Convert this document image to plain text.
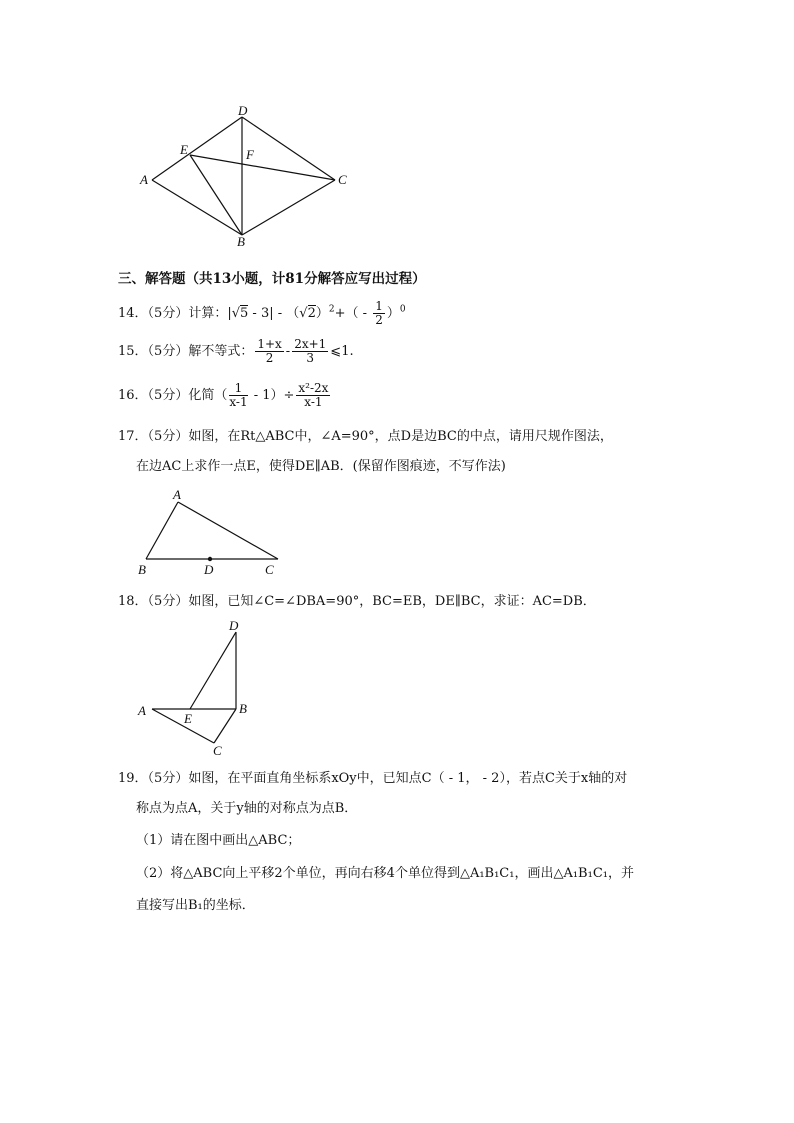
A
D
E	F
C
B
三、解答题（共13小题，计81分解答应写出过程）
14．（5分）计算：$|√5 - 3| - (√2)^2+( - \frac{1}{2} )^0$
15．（5分）解不等式： $\frac{1+x}{2} - \frac{2x+1}{3}$ ⩽1.
16．（5分）化简（ $\frac{1}{x-1} - 1)\div \frac{\text{x²-2x}}{x-1}$
17．（5分）如图，在Rt△ABC中，∠A=90°，点D是边BC的中点，请用尺规作图法，
在边AC上求作一点E，使得DE∥AB．(保留作图痕迹，不写作法)
A
B	D	C
18．（5分）如图，已知∠C=∠DBA=90°，BC=EB，DE∥BC，求证：AC=DB．
D
A
E
B
C
19．（5分）如图，在平面直角坐标系xOy中，已知点C（ - 1， - 2），若点C关于x轴的对
称点为点A，关于y轴的对称点为点B．
（1）请在图中画出△ABC；
（2）将△ABC向上平移2个单位，再向右移4个单位得到△A₁B₁C₁，画出△A₁B₁C₁，并
直接写出B₁的坐标．
